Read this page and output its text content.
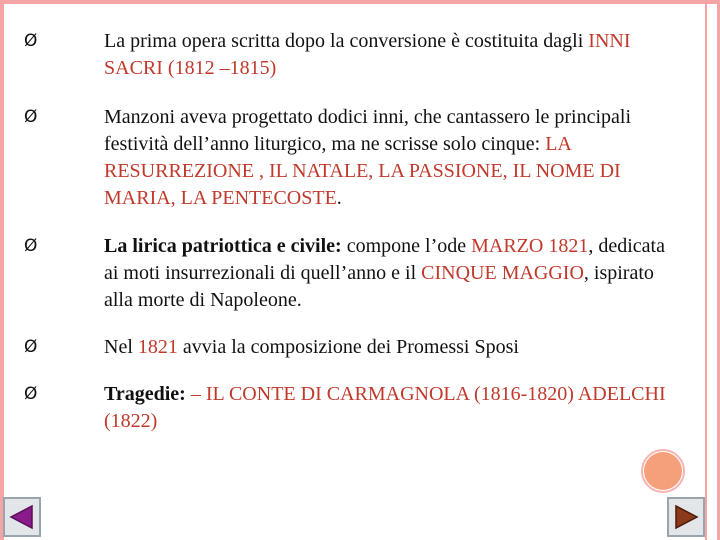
Ø	La prima opera scritta dopo la conversione è costituita dagli INNI SACRI (1812 –1815)
Ø	Manzoni aveva progettato dodici inni, che cantassero le principali festività dell’anno liturgico, ma ne scrisse solo cinque: LA RESURREZIONE , IL NATALE, LA PASSIONE, IL NOME DI MARIA, LA PENTECOSTE.
Ø	La lirica patriottica e civile: compone l’ode MARZO 1821, dedicata ai moti insurrezionali di quell’anno e il CINQUE MAGGIO, ispirato alla morte di Napoleone.
Ø	Nel 1821 avvia la composizione dei Promessi Sposi
Ø	Tragedie: – IL CONTE DI CARMAGNOLA (1816-1820) ADELCHI (1822)
